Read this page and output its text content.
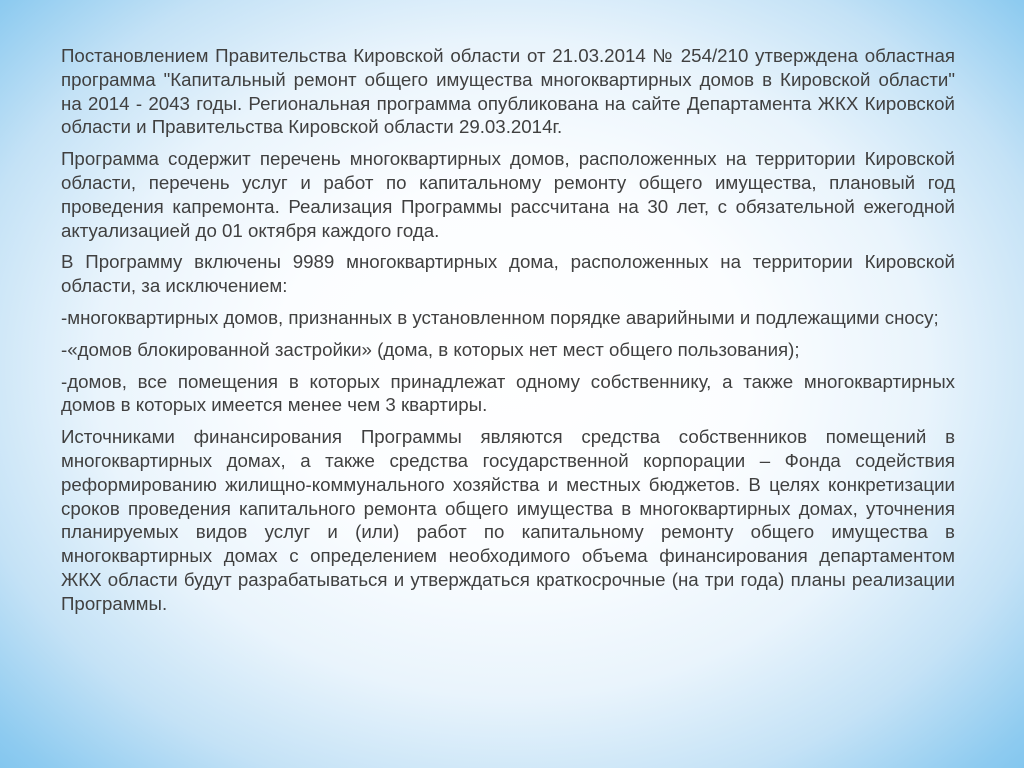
Постановлением Правительства Кировской области от 21.03.2014 № 254/210 утверждена областная программа "Капитальный ремонт общего имущества многоквартирных домов в Кировской области" на 2014 - 2043 годы. Региональная программа опубликована на сайте Департамента ЖКХ Кировской области и Правительства Кировской области 29.03.2014г.

Программа содержит перечень многоквартирных домов, расположенных на территории Кировской области, перечень услуг и работ по капитальному ремонту общего имущества, плановый год проведения капремонта. Реализация Программы рассчитана на 30 лет, с обязательной ежегодной актуализацией до 01 октября каждого года.

В Программу включены 9989 многоквартирных дома, расположенных на территории Кировской области, за исключением:

-многоквартирных домов, признанных в установленном порядке аварийными и подлежащими сносу;

-«домов блокированной застройки» (дома, в которых нет мест общего пользования);

-домов, все помещения в которых принадлежат одному собственнику, а также многоквартирных домов в которых имеется менее чем 3 квартиры.

Источниками финансирования Программы являются средства собственников помещений в многоквартирных домах, а также средства государственной корпорации – Фонда содействия реформированию жилищно-коммунального хозяйства и местных бюджетов. В целях конкретизации сроков проведения капитального ремонта общего имущества в многоквартирных домах, уточнения планируемых видов услуг и (или) работ по капитальному ремонту общего имущества в многоквартирных домах с определением необходимого объема финансирования департаментом ЖКХ области будут разрабатываться и утверждаться краткосрочные (на три года) планы реализации Программы.
